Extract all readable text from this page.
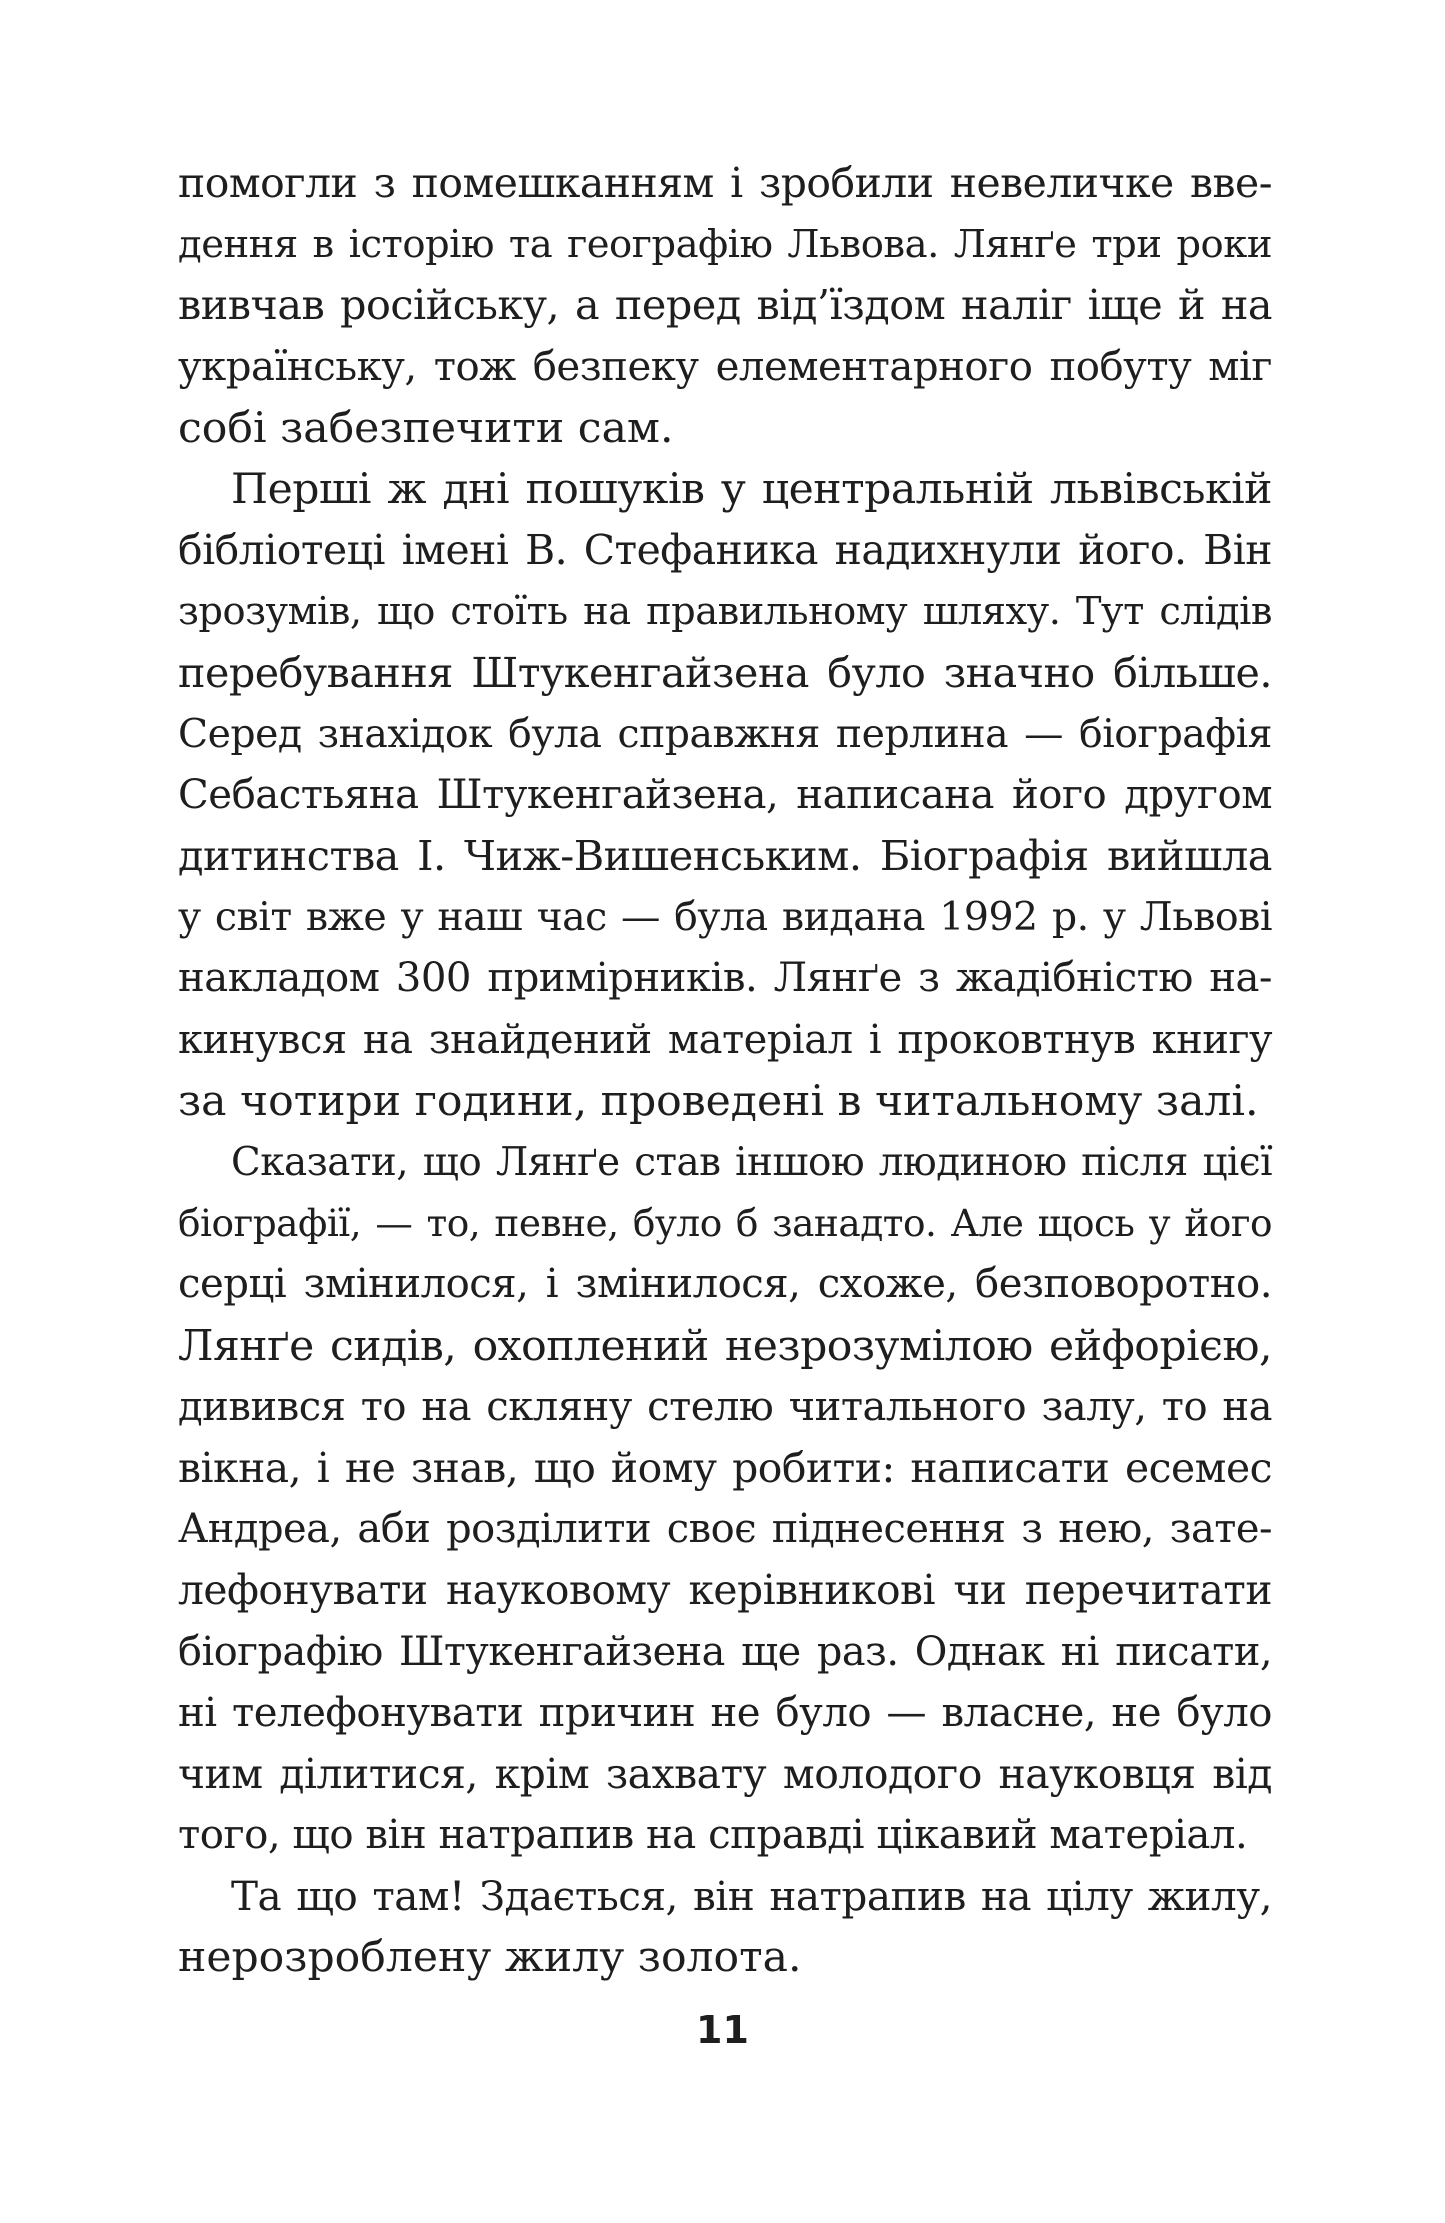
помогли з помешканням і зробили невеличке вве-
дення в історію та географію Львова. Лянґе три роки
вивчав російську, а перед від’їздом наліг іще й на
українську, тож безпеку елементарного побуту міг
собі забезпечити сам.
Перші ж дні пошуків у центральній львівській
бібліотеці імені В. Стефаника надихнули його. Він
зрозумів, що стоїть на правильному шляху. Тут слідів
перебування Штукенгайзена було значно більше.
Серед знахідок була справжня перлина — біографія
Себастьяна Штукенгайзена, написана його другом
дитинства І. Чиж-Вишенським. Біографія вийшла
у світ вже у наш час — була видана 1992 р. у Львові
накладом 300 примірників. Лянґе з жадібністю на-
кинувся на знайдений матеріал і проковтнув книгу
за чотири години, проведені в читальному залі.
Сказати, що Лянґе став іншою людиною після цієї
біографії, — то, певне, було б занадто. Але щось у його
серці змінилося, і змінилося, схоже, безповоротно.
Лянґе сидів, охоплений незрозумілою ейфорією,
дивився то на скляну стелю читального залу, то на
вікна, і не знав, що йому робити: написати есемес
Андреа, аби розділити своє піднесення з нею, зате-
лефонувати науковому керівникові чи перечитати
біографію Штукенгайзена ще раз. Однак ні писати,
ні телефонувати причин не було — власне, не було
чим ділитися, крім захвату молодого науковця від
того, що він натрапив на справді цікавий матеріал.
Та що там! Здається, він натрапив на цілу жилу,
нерозроблену жилу золота.
11
